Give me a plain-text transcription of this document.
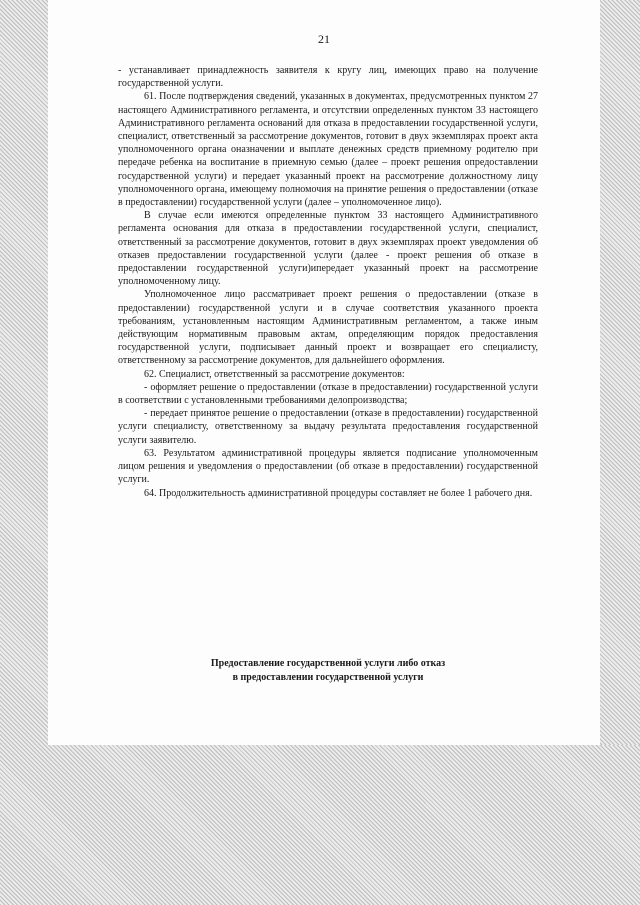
21

- устанавливает принадлежность заявителя к кругу лиц, имеющих право на получение государственной услуги.

61. После подтверждения сведений, указанных в документах, предусмотренных пунктом 27 настоящего Административного регламента, и отсутствии определенных пунктом 33 настоящего Административного регламента оснований для отказа в предоставлении государственной услуги, специалист, ответственный за рассмотрение документов, готовит в двух экземплярах проект акта уполномоченного органа оназначении и выплате денежных средств приемному родителю при передаче ребенка на воспитание в приемную семью (далее – проект решения опредоставлении государственной услуги) и передает указанный проект на рассмотрение должностному лицу уполномоченного органа, имеющему полномочия на принятие решения о предоставлении (отказе в предоставлении) государственной услуги (далее – уполномоченное лицо).

В случае если имеются определенные пунктом 33 настоящего Административного регламента основания для отказа в предоставлении государственной услуги, специалист, ответственный за рассмотрение документов, готовит в двух экземплярах проект уведомления об отказев предоставлении государственной услуги (далее - проект решения об отказе в предоставлении государственной услуги)ипередает указанный проект на рассмотрение уполномоченному лицу.

Уполномоченное лицо рассматривает проект решения о предоставлении (отказе в предоставлении) государственной услуги и в случае соответствия указанного проекта требованиям, установленным настоящим Административным регламентом, а также иным действующим нормативным правовым актам, определяющим порядок предоставления государственной услуги, подписывает данный проект и возвращает его специалисту, ответственному за рассмотрение документов, для дальнейшего оформления.

62. Специалист, ответственный за рассмотрение документов:

- оформляет решение о предоставлении (отказе в предоставлении) государственной услуги в соответствии с установленными требованиями делопроизводства;

- передает принятое решение о предоставлении (отказе в предоставлении) государственной услуги специалисту, ответственному за выдачу результата предоставления государственной услуги заявителю.

63. Результатом административной процедуры является подписание уполномоченным лицом решения и уведомления о предоставлении (об отказе в предоставлении) государственной услуги.

64. Продолжительность административной процедуры составляет не более 1 рабочего дня.

Предоставление государственной услуги либо отказ
в предоставлении государственной услуги
